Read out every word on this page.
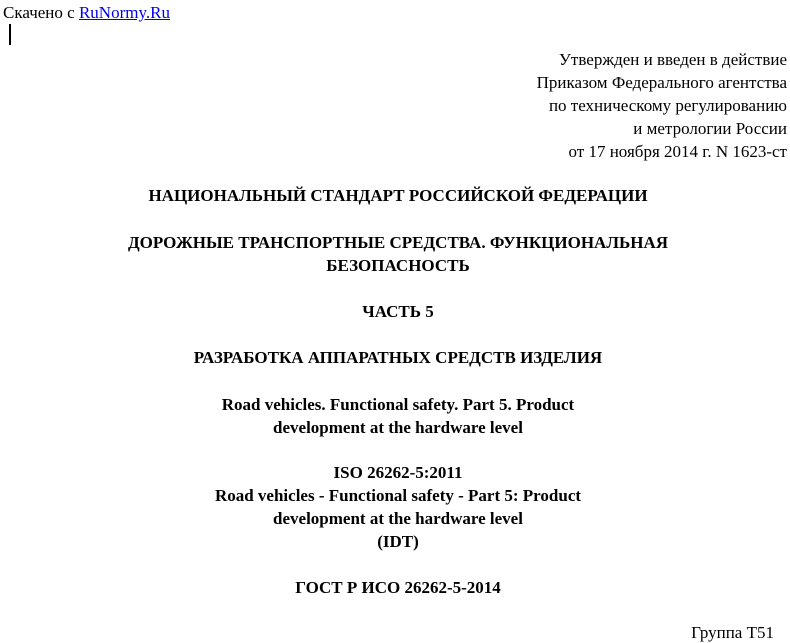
Скачено с RuNormy.Ru
Утвержден и введен в действие
Приказом Федерального агентства
по техническому регулированию
и метрологии России
от 17 ноября 2014 г. N 1623-ст
НАЦИОНАЛЬНЫЙ СТАНДАРТ РОССИЙСКОЙ ФЕДЕРАЦИИ
ДОРОЖНЫЕ ТРАНСПОРТНЫЕ СРЕДСТВА. ФУНКЦИОНАЛЬНАЯ
БЕЗОПАСНОСТЬ
ЧАСТЬ 5
РАЗРАБОТКА АППАРАТНЫХ СРЕДСТВ ИЗДЕЛИЯ
Road vehicles. Functional safety. Part 5. Product
development at the hardware level
ISO 26262-5:2011
Road vehicles - Functional safety - Part 5: Product
development at the hardware level
(IDT)
ГОСТ Р ИСО 26262-5-2014
Группа Т51
